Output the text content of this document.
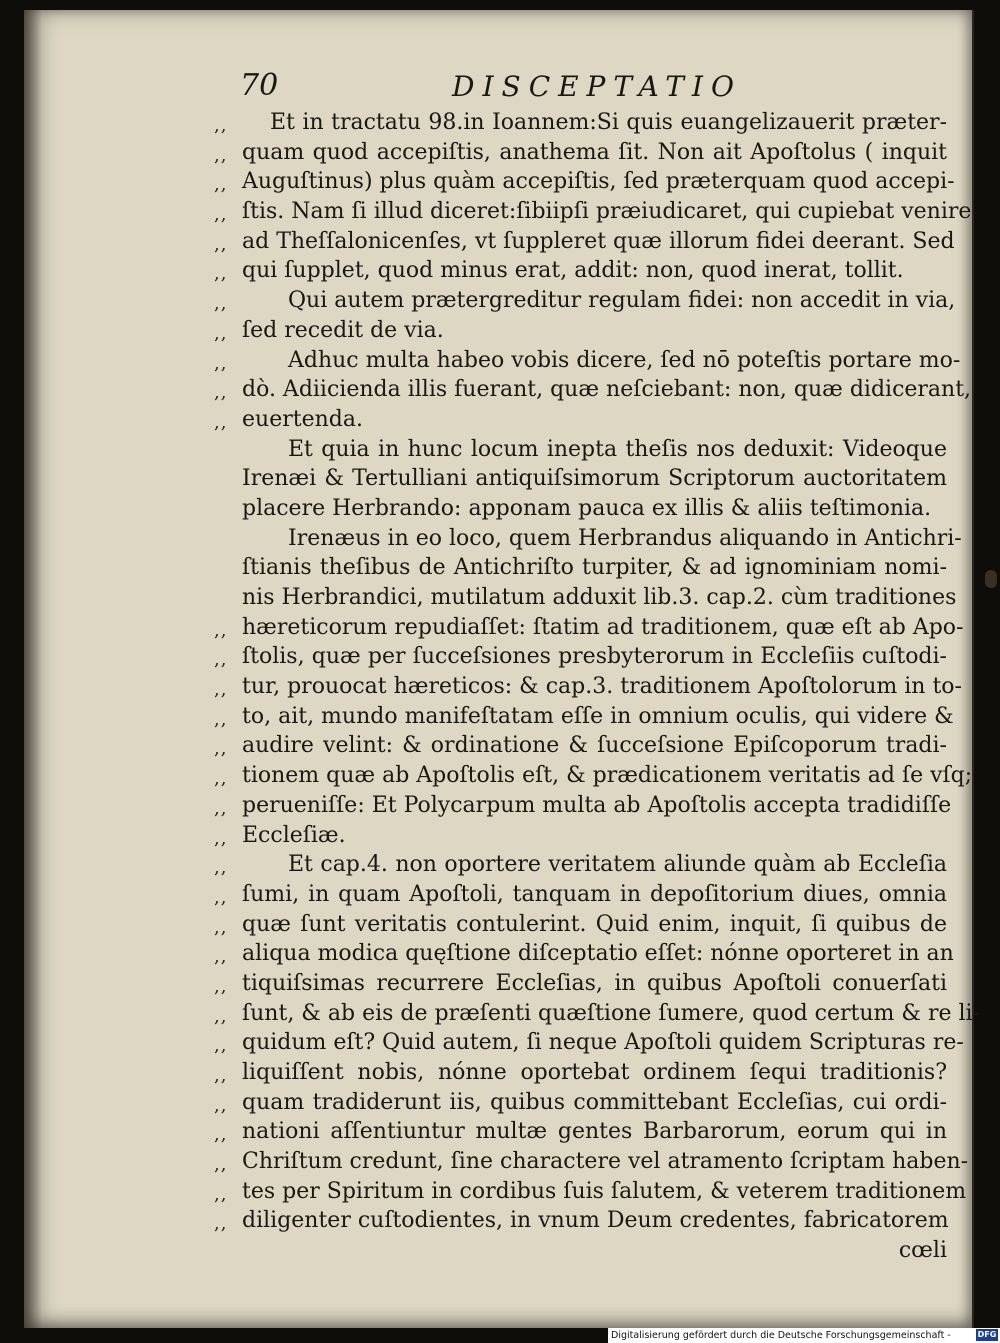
70	DISCEPTATIO
,,	Et in tractatu 98.in Ioannem:Si quis euangelizauerit præter-
,, quam quod accepiſtis, anathema ſit. Non ait Apoſtolus ( inquit
,, Auguſtinus) plus quàm accepiſtis, ſed præterquam quod accepi-
,, ſtis. Nam ſi illud diceret:ſibiipſi præiudicaret, qui cupiebat venire
,, ad Theſſalonicenſes, vt ſuppleret quæ illorum fidei deerant. Sed
,, qui ſupplet, quod minus erat, addit: non, quod inerat, tollit.
,,	Qui autem prætergreditur regulam fidei: non accedit in via,
,, ſed recedit de via.
,,	Adhuc multa habeo vobis dicere, ſed nō poteſtis portare mo-
,, dò. Adiicienda illis fuerant, quæ neſciebant: non, quæ didicerant,
,, euertenda.
Et quia in hunc locum inepta theſis nos deduxit: Videoque
Irenæi & Tertulliani antiquiſsimorum Scriptorum auctoritatem
placere Herbrando: apponam pauca ex illis & aliis teſtimonia.
Irenæus in eo loco, quem Herbrandus aliquando in Antichri-
ſtianis theſibus de Antichriſto turpiter, & ad ignominiam nomi-
nis Herbrandici, mutilatum adduxit lib.3. cap.2. cùm traditiones
,, hæreticorum repudiaſſet: ſtatim ad traditionem, quæ eſt ab Apo-
,, ſtolis, quæ per ſucceſsiones presbyterorum in Eccleſiis cuſtodi-
,, tur, prouocat hæreticos: & cap.3. traditionem Apoſtolorum in to-
,, to, ait, mundo manifeſtatam eſſe in omnium oculis, qui videre &
,, audire velint: & ordinatione & ſucceſsione Epiſcoporum tradi-
,, tionem quæ ab Apoſtolis eſt, & prædicationem veritatis ad ſe vſq;
,, perueniſſe: Et Polycarpum multa ab Apoſtolis accepta tradidiſſe
,, Eccleſiæ.
,,	Et cap.4. non oportere veritatem aliunde quàm ab Eccleſia
,, ſumi, in quam Apoſtoli, tanquam in depoſitorium diues, omnia
,, quæ ſunt veritatis contulerint. Quid enim, inquit, ſi quibus de
,, aliqua modica quęſtione diſceptatio eſſet: nónne oporteret in an
,, tiquiſsimas recurrere Eccleſias, in quibus Apoſtoli conuerſati
,, ſunt, & ab eis de præſenti quæſtione ſumere, quod certum & re li-
,, quidum eſt? Quid autem, ſi neque Apoſtoli quidem Scripturas re-
,, liquiſſent nobis, nónne oportebat ordinem ſequi traditionis?
,, quam tradiderunt iis, quibus committebant Eccleſias, cui ordi-
,, nationi aſſentiuntur multæ gentes Barbarorum, eorum qui in
,, Chriſtum credunt, ſine charactere vel atramento ſcriptam haben-
,, tes per Spiritum in cordibus ſuis ſalutem, & veterem traditionem
,, diligenter cuſtodientes, in vnum Deum credentes, fabricatorem
cœli
Digitalisierung gefördert durch die Deutsche Forschungsgemeinschaft -	DFG
